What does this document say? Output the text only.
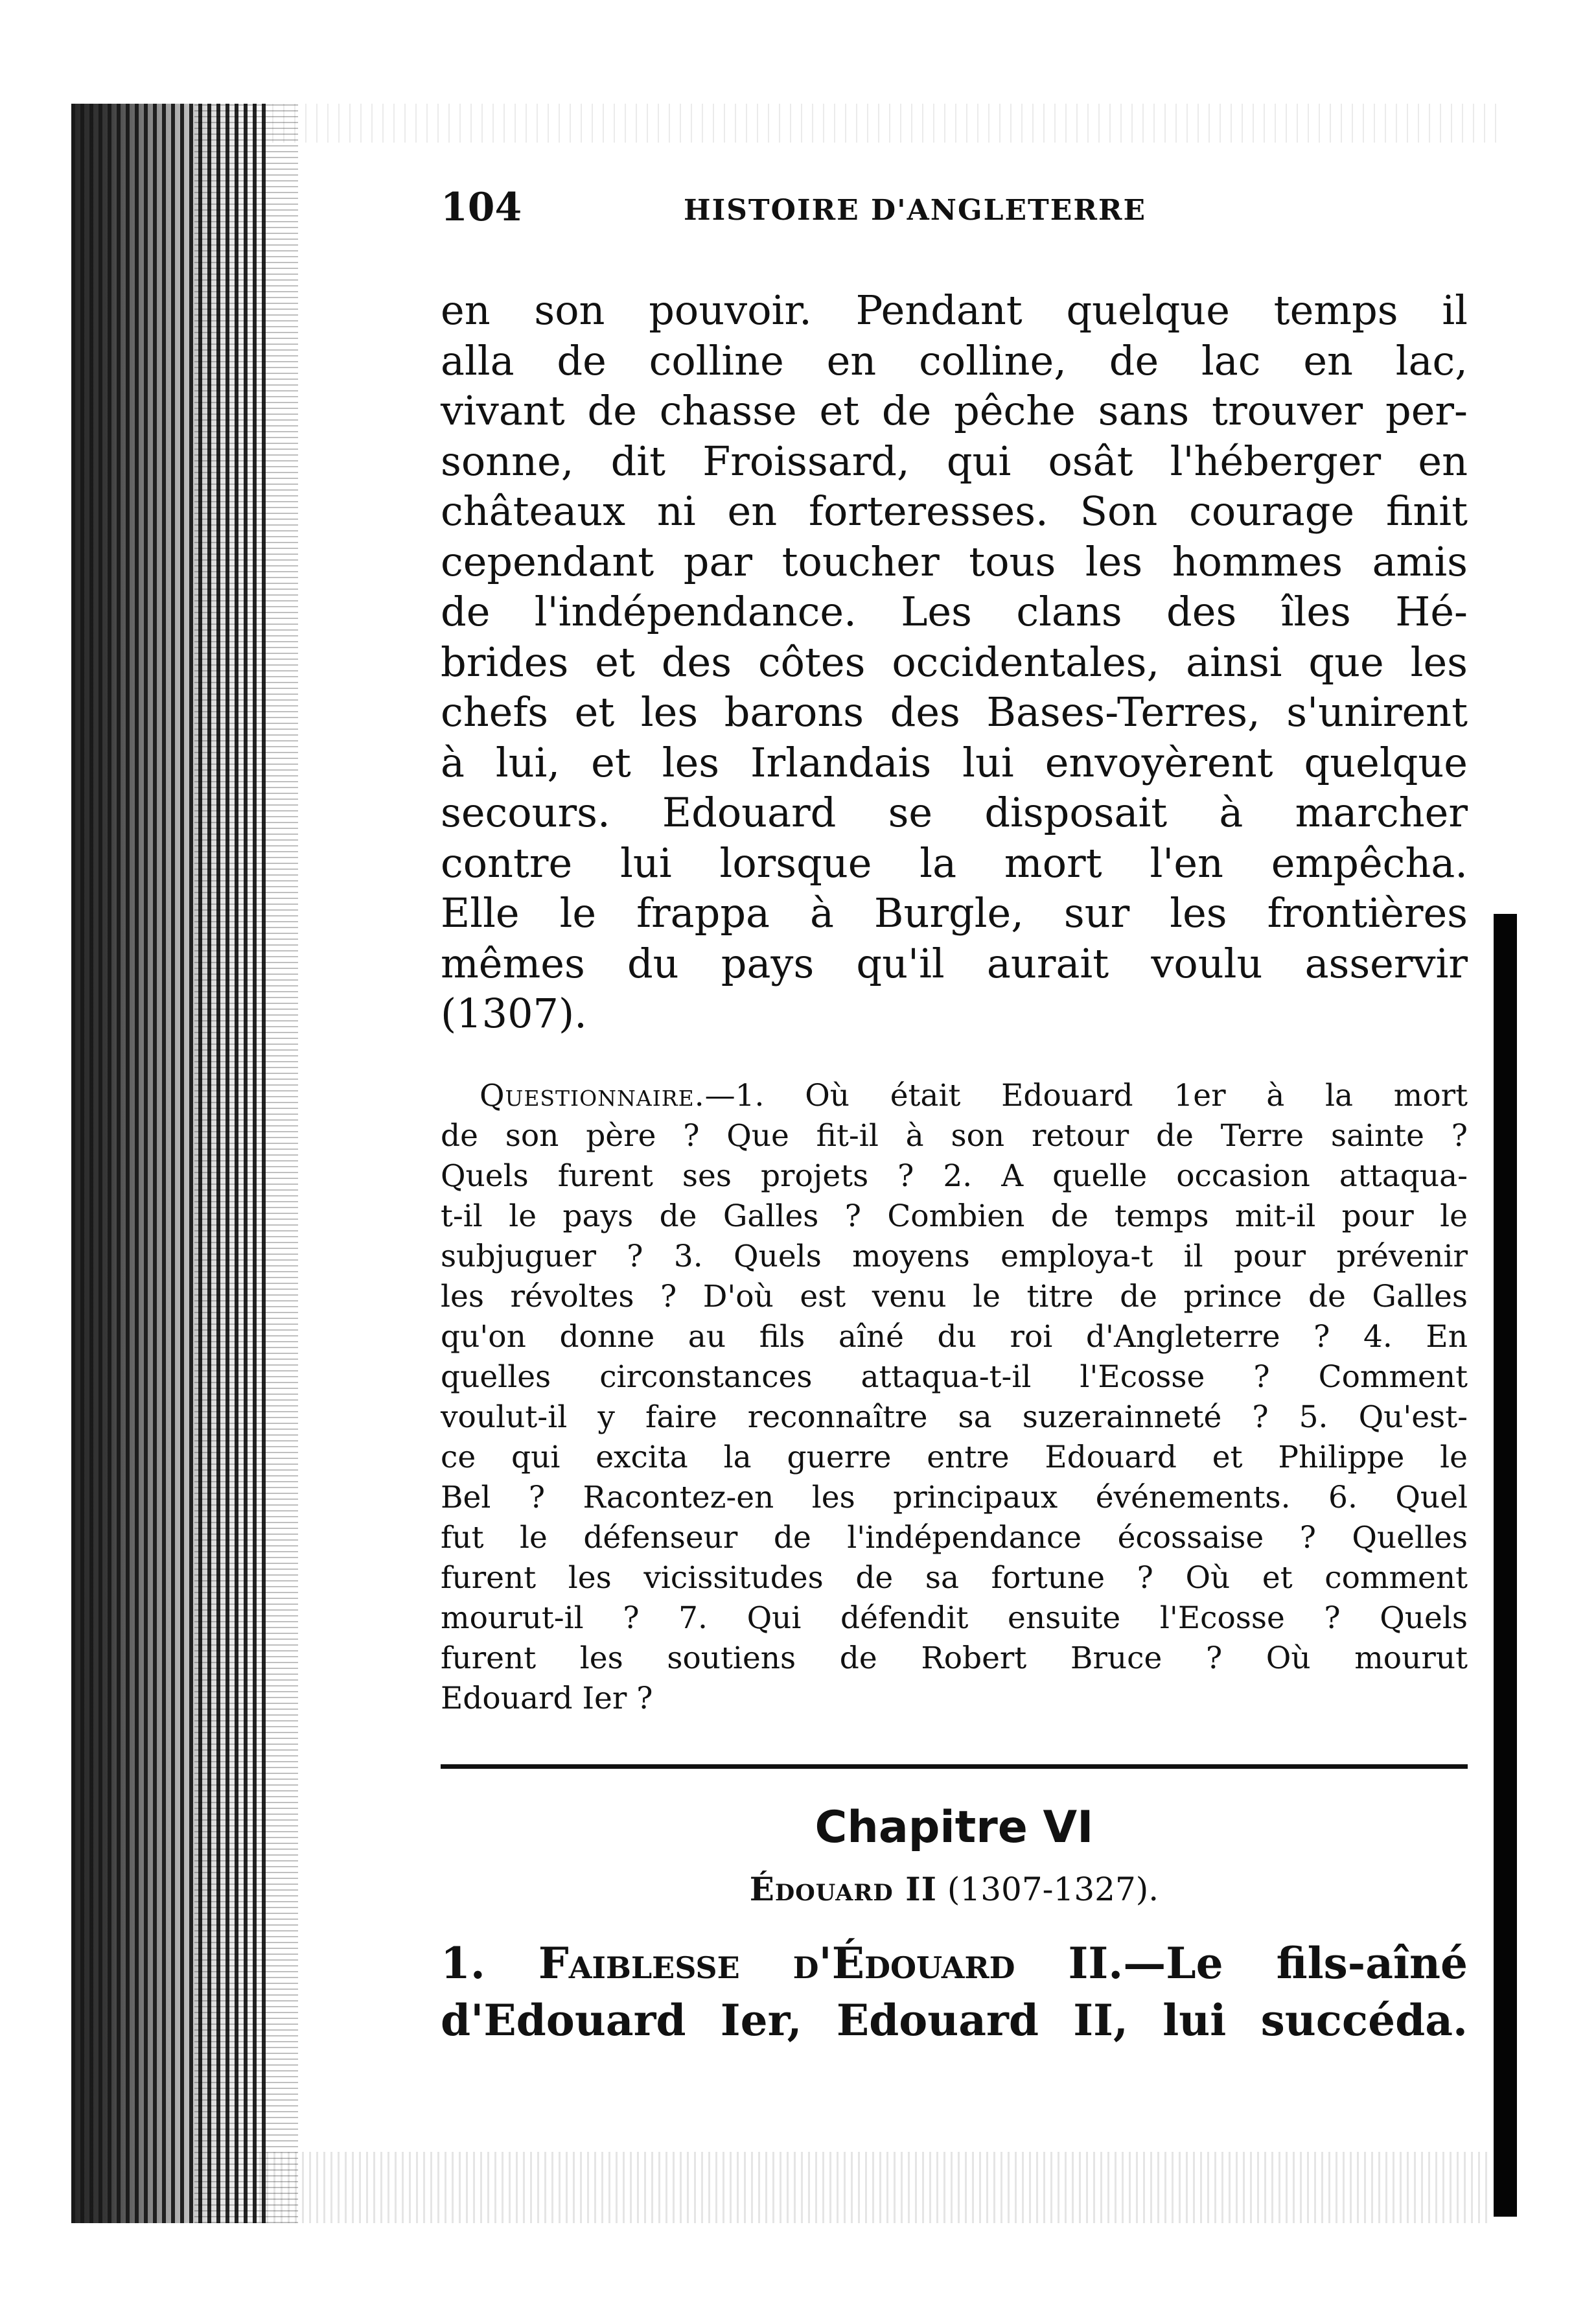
104	HISTOIRE D'ANGLETERRE
en son pouvoir. Pendant quelque temps il
alla de colline en colline, de lac en lac,
vivant de chasse et de pêche sans trouver per-
sonne, dit Froissard, qui osât l'héberger en
châteaux ni en forteresses. Son courage finit
cependant par toucher tous les hommes amis
de l'indépendance. Les clans des îles Hé-
brides et des côtes occidentales, ainsi que les
chefs et les barons des Bases-Terres, s'unirent
à lui, et les Irlandais lui envoyèrent quelque
secours. Edouard se disposait à marcher
contre lui lorsque la mort l'en empêcha.
Elle le frappa à Burgle, sur les frontières
mêmes du pays qu'il aurait voulu asservir
(1307).
Questionnaire.—1. Où était Edouard 1er à la mort
de son père ? Que fit-il à son retour de Terre sainte ?
Quels furent ses projets ? 2. A quelle occasion attaqua-
t-il le pays de Galles ? Combien de temps mit-il pour le
subjuguer ? 3. Quels moyens employa-t il pour prévenir
les révoltes ? D'où est venu le titre de prince de Galles
qu'on donne au fils aîné du roi d'Angleterre ? 4. En
quelles circonstances attaqua-t-il l'Ecosse ? Comment
voulut-il y faire reconnaître sa suzerainneté ? 5. Qu'est-
ce qui excita la guerre entre Edouard et Philippe le
Bel ? Racontez-en les principaux événements. 6. Quel
fut le défenseur de l'indépendance écossaise ? Quelles
furent les vicissitudes de sa fortune ? Où et comment
mourut-il ? 7. Qui défendit ensuite l'Ecosse ? Quels
furent les soutiens de Robert Bruce ? Où mourut
Edouard Ier ?
Chapitre VI
Édouard II (1307-1327).
1. Faiblesse d'Édouard II.—Le fils-aîné
d'Edouard Ier, Edouard II, lui succéda.
